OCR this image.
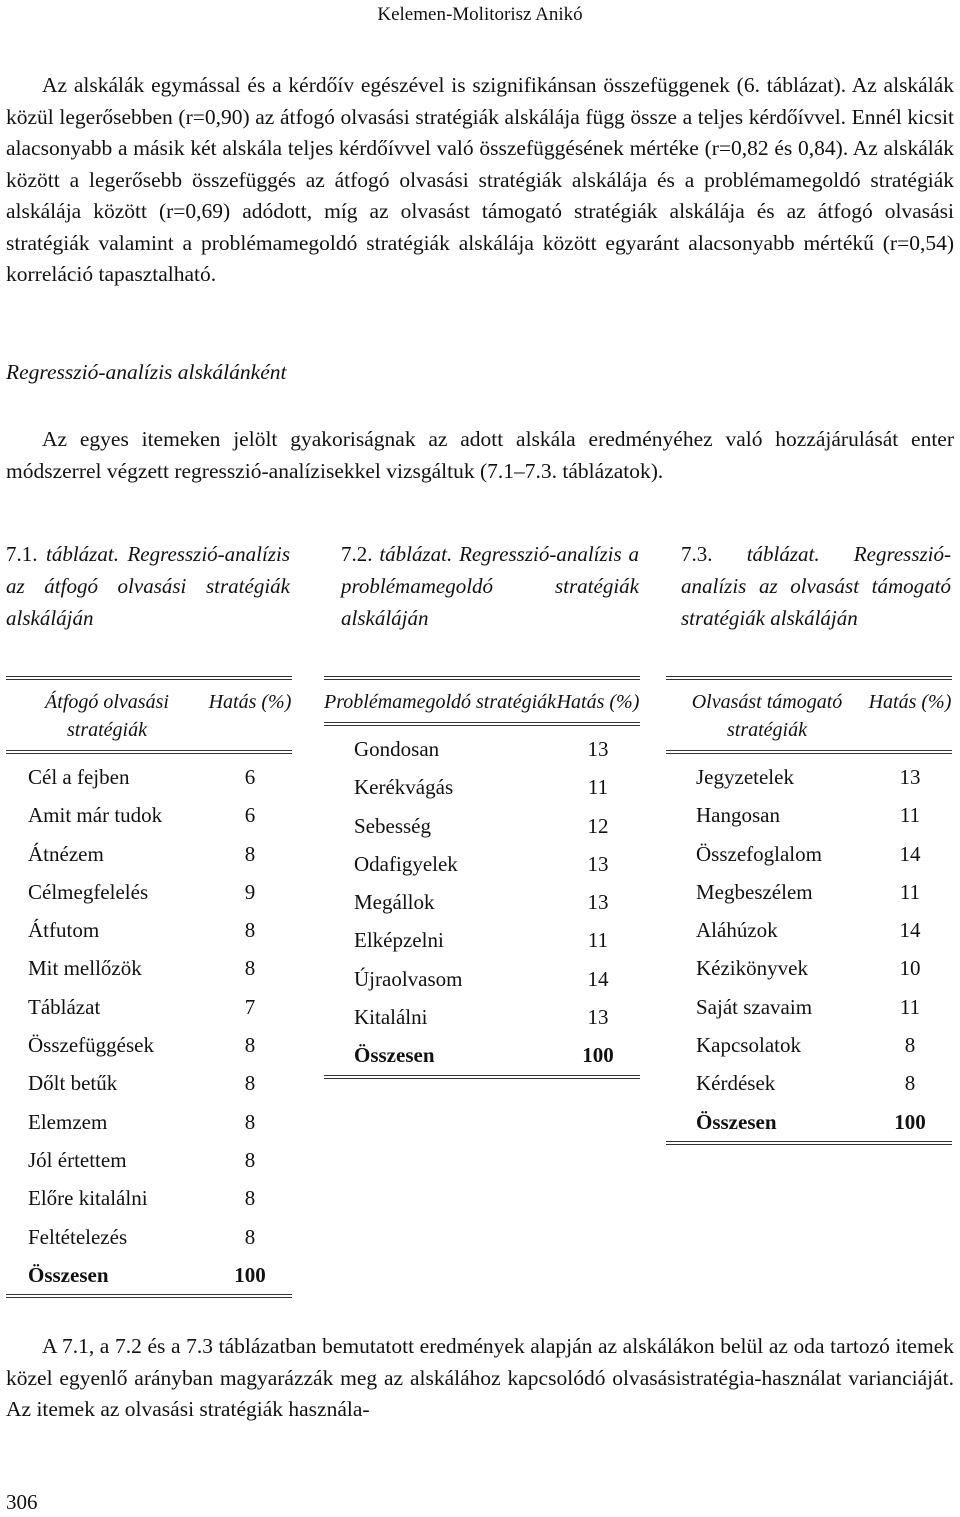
Kelemen-Molitorisz Anikó
Az alskálák egymással és a kérdőív egészével is szignifikánsan összefüggenek (6. táblázat). Az alskálák közül legerősebben (r=0,90) az átfogó olvasási stratégiák alskálája függ össze a teljes kérdőívvel. Ennél kicsit alacsonyabb a másik két alskála teljes kérdőívvel való összefüggésének mértéke (r=0,82 és 0,84). Az alskálák között a legerősebb összefüggés az átfogó olvasási stratégiák alskálája és a problémamegoldó stratégiák alskálája között (r=0,69) adódott, míg az olvasást támogató stratégiák alskálája és az átfogó olvasási stratégiák valamint a problémamegoldó stratégiák alskálája között egyaránt alacsonyabb mértékű (r=0,54) korreláció tapasztalható.
Regresszió-analízis alskálánként
Az egyes itemeken jelölt gyakoriságnak az adott alskála eredményéhez való hozzájárulását enter módszerrel végzett regresszió-analízisekkel vizsgáltuk (7.1–7.3. táblázatok).
7.1. táblázat. Regresszió-analízis az átfogó olvasási stratégiák alskáláján
7.2. táblázat. Regresszió-analízis a problémamegoldó stratégiák alskáláján
7.3. táblázat. Regresszió-analízis az olvasást támogató stratégiák alskáláján
Átfogó olvasási stratégiák
Hatás (%)
Cél a fejben	6
Amit már tudok	6
Átnézem	8
Célmegfelelés	9
Átfutom	8
Mit mellőzök	8
Táblázat	7
Összefüggések	8
Dőlt betűk	8
Elemzem	8
Jól értettem	8
Előre kitalálni	8
Feltételezés	8
Összesen	100
Problémamegoldó stratégiák Hatás (%)
Gondosan	13
Kerékvágás	11
Sebesség	12
Odafigyelek	13
Megállok	13
Elképzelni	11
Újraolvasom	14
Kitalálni	13
Összesen	100
Olvasást támogató stratégiák
Hatás (%)
Jegyzetelek	13
Hangosan	11
Összefoglalom	14
Megbeszélem	11
Aláhúzok	14
Kézikönyvek	10
Saját szavaim	11
Kapcsolatok	8
Kérdések	8
Összesen	100
A 7.1, a 7.2 és a 7.3 táblázatban bemutatott eredmények alapján az alskálákon belül az oda tartozó itemek közel egyenlő arányban magyarázzák meg az alskálához kapcsolódó olvasásistratégia-használat varianciáját. Az itemek az olvasási stratégiák használa-
306
